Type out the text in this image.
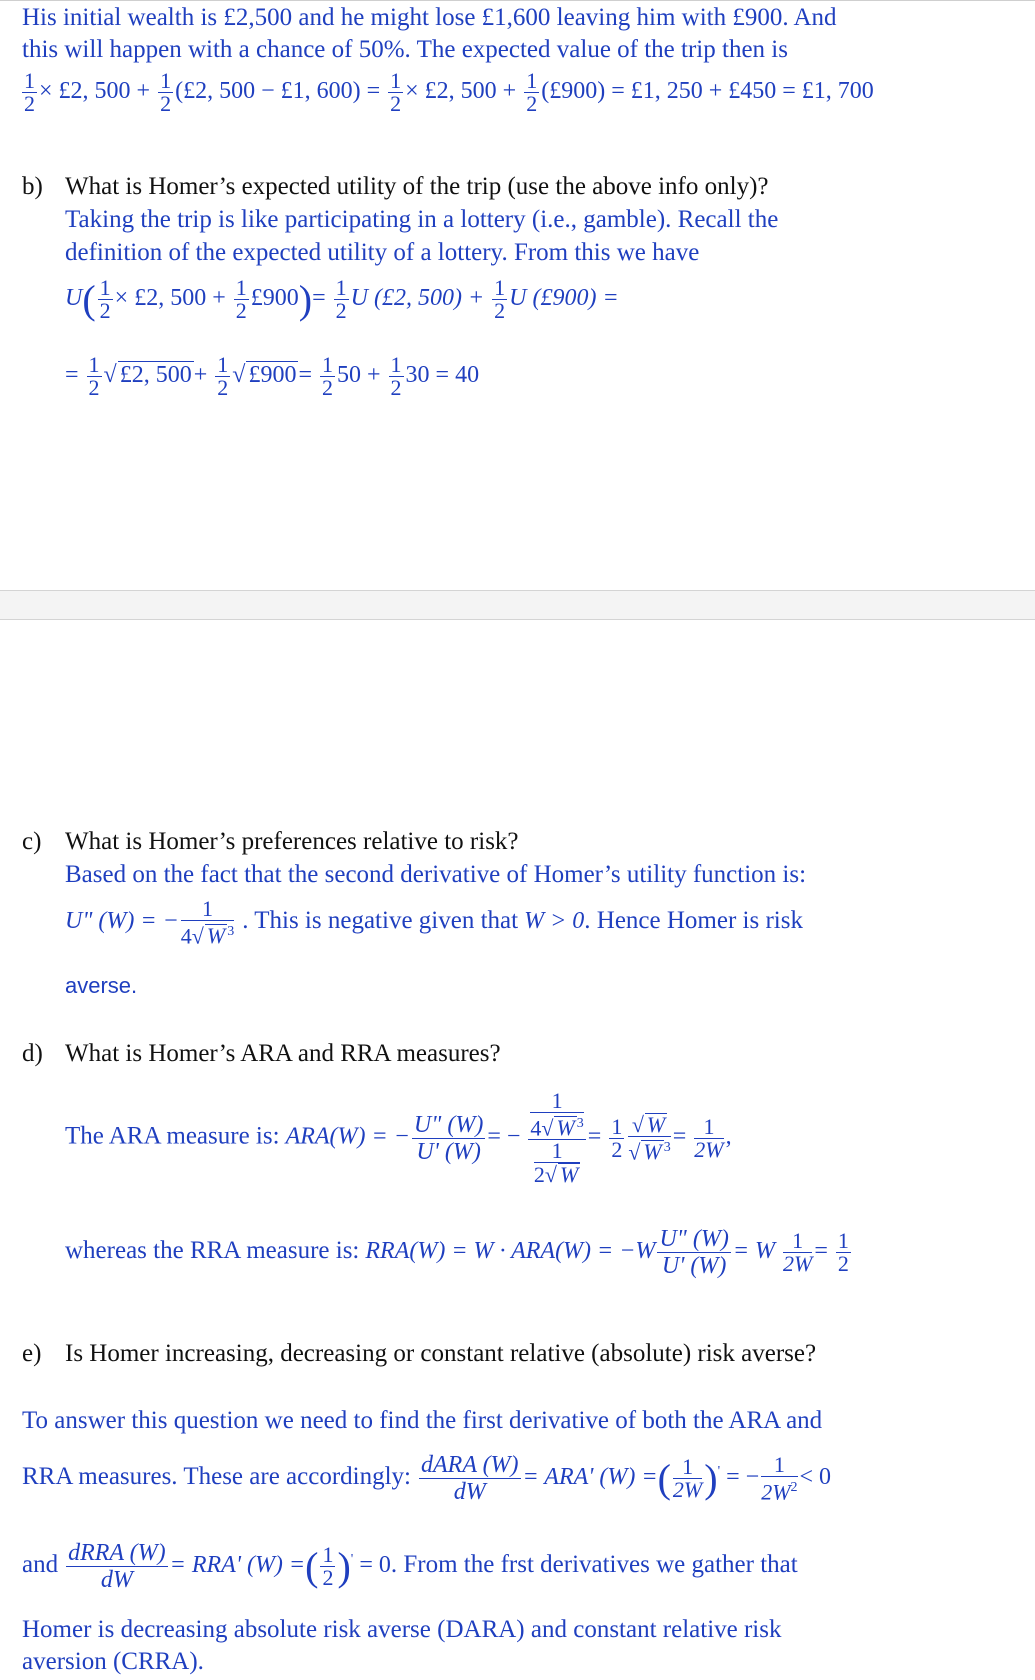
His initial wealth is £2,500 and he might lose £1,600 leaving him with £900. And
this will happen with a chance of 50%. The expected value of the trip then is
$\frac{1}{2}$ × £2, $500 + \frac{1}{2}$ (£2, 500 − £1, $600) = \frac{1}{2}$ × £2, $500 + \frac{1}{2}$ (£900) = £1, 250 + £450 = £1, 700
b) What is Homer’s expected utility of the trip (use the above info only)?
Taking the trip is like participating in a lottery (i.e., gamble). Recall the
definition of the expected utility of a lottery. From this we have
$U( \frac{1}{2}$ × £2, $500 + \frac{1}{2}$ £900)= $\frac{1}{2}$ U (£2, $500) + \frac{1}{2}$ U (£900) =
= $\frac{1}{2}$ √ £2, $500+ \frac{1}{2}$ √ £900= $\frac{1}{2} 50 + \frac{1}{2} 30 = 40$
c) What is Homer’s preferences relative to risk?
Based on the fact that the second derivative of Homer’s utility function is:
U" (W) = − $\frac{1}{4√ W ^3}$ . This is negative given that W > 0. Hence Homer is risk
averse.
d) What is Homer’s ARA and RRA measures?
The ARA measure is: ARA(W) = − $\frac{U" (W)}{U' (W)}$ = − $\frac{\frac{1}{4√ W ^3}}{\frac{1}{2√ W}} = \frac{1}{2} \frac{√ W}{√ W ^3} = \frac{1}{2W}$ ,
whereas the RRA measure is: $RRA(W) = W \cdot ARA(W) = -W \frac{U" (W)}{U' (W)} = W \frac{1}{2W} = \frac{1}{2}$
e) Is Homer increasing, decreasing or constant relative (absolute) risk averse?
To answer this question we need to find the first derivative of both the ARA and
RRA measures. These are accordingly: $\frac{\text{dARA (W)}}{dW} = ARA'$ (W) =( $\frac{1}{2W} )'$ = − $\frac{1}{2W^2} < 0$
and $\frac{\text{dRRA (W)}}{dW} = RRA'$ (W) =( $\frac{1}{2} )' = 0$. From the frst derivatives we gather that
Homer is decreasing absolute risk averse (DARA) and constant relative risk
aversion (CRRA).
